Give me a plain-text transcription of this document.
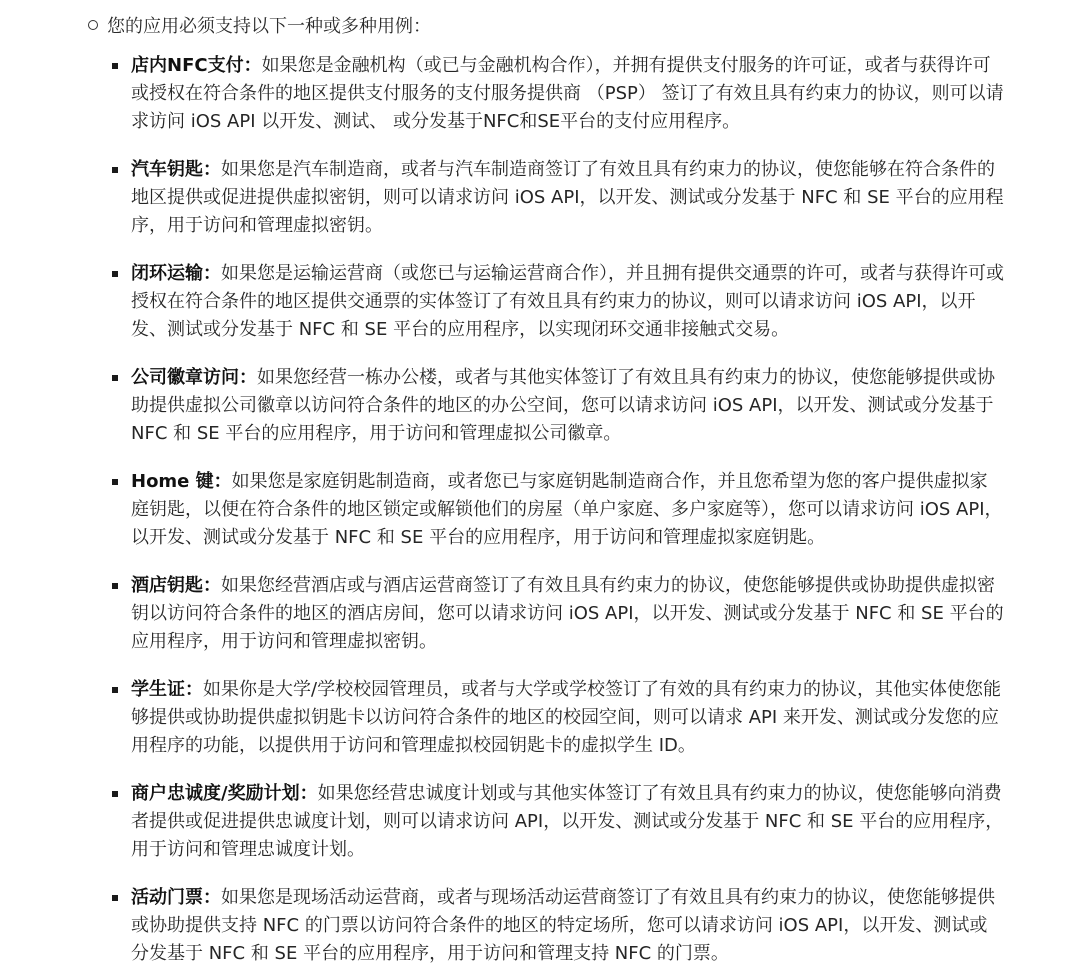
您的应用必须支持以下一种或多种用例：
店内NFC支付：如果您是金融机构（或已与金融机构合作），并拥有提供支付服务的许可证，或者与获得许可或授权在符合条件的地区提供支付服务的支付服务提供商 （PSP） 签订了有效且具有约束力的协议，则可以请求访问 iOS API 以开发、测试、 或分发基于NFC和SE平台的支付应用程序。
汽车钥匙：如果您是汽车制造商，或者与汽车制造商签订了有效且具有约束力的协议，使您能够在符合条件的地区提供或促进提供虚拟密钥，则可以请求访问 iOS API，以开发、测试或分发基于 NFC 和 SE 平台的应用程序，用于访问和管理虚拟密钥。
闭环运输：如果您是运输运营商（或您已与运输运营商合作），并且拥有提供交通票的许可，或者与获得许可或授权在符合条件的地区提供交通票的实体签订了有效且具有约束力的协议，则可以请求访问 iOS API，以开发、测试或分发基于 NFC 和 SE 平台的应用程序，以实现闭环交通非接触式交易。
公司徽章访问：如果您经营一栋办公楼，或者与其他实体签订了有效且具有约束力的协议，使您能够提供或协助提供虚拟公司徽章以访问符合条件的地区的办公空间，您可以请求访问 iOS API，以开发、测试或分发基于 NFC 和 SE 平台的应用程序，用于访问和管理虚拟公司徽章。
Home 键：如果您是家庭钥匙制造商，或者您已与家庭钥匙制造商合作，并且您希望为您的客户提供虚拟家庭钥匙，以便在符合条件的地区锁定或解锁他们的房屋（单户家庭、多户家庭等），您可以请求访问 iOS API，以开发、测试或分发基于 NFC 和 SE 平台的应用程序，用于访问和管理虚拟家庭钥匙。
酒店钥匙：如果您经营酒店或与酒店运营商签订了有效且具有约束力的协议，使您能够提供或协助提供虚拟密钥以访问符合条件的地区的酒店房间，您可以请求访问 iOS API，以开发、测试或分发基于 NFC 和 SE 平台的应用程序，用于访问和管理虚拟密钥。
学生证：如果你是大学/学校校园管理员，或者与大学或学校签订了有效的具有约束力的协议，其他实体使您能够提供或协助提供虚拟钥匙卡以访问符合条件的地区的校园空间，则可以请求 API 来开发、测试或分发您的应用程序的功能，以提供用于访问和管理虚拟校园钥匙卡的虚拟学生 ID。
商户忠诚度/奖励计划：如果您经营忠诚度计划或与其他实体签订了有效且具有约束力的协议，使您能够向消费者提供或促进提供忠诚度计划，则可以请求访问 API，以开发、测试或分发基于 NFC 和 SE 平台的应用程序，用于访问和管理忠诚度计划。
活动门票：如果您是现场活动运营商，或者与现场活动运营商签订了有效且具有约束力的协议，使您能够提供或协助提供支持 NFC 的门票以访问符合条件的地区的特定场所，您可以请求访问 iOS API，以开发、测试或分发基于 NFC 和 SE 平台的应用程序，用于访问和管理支持 NFC 的门票。
